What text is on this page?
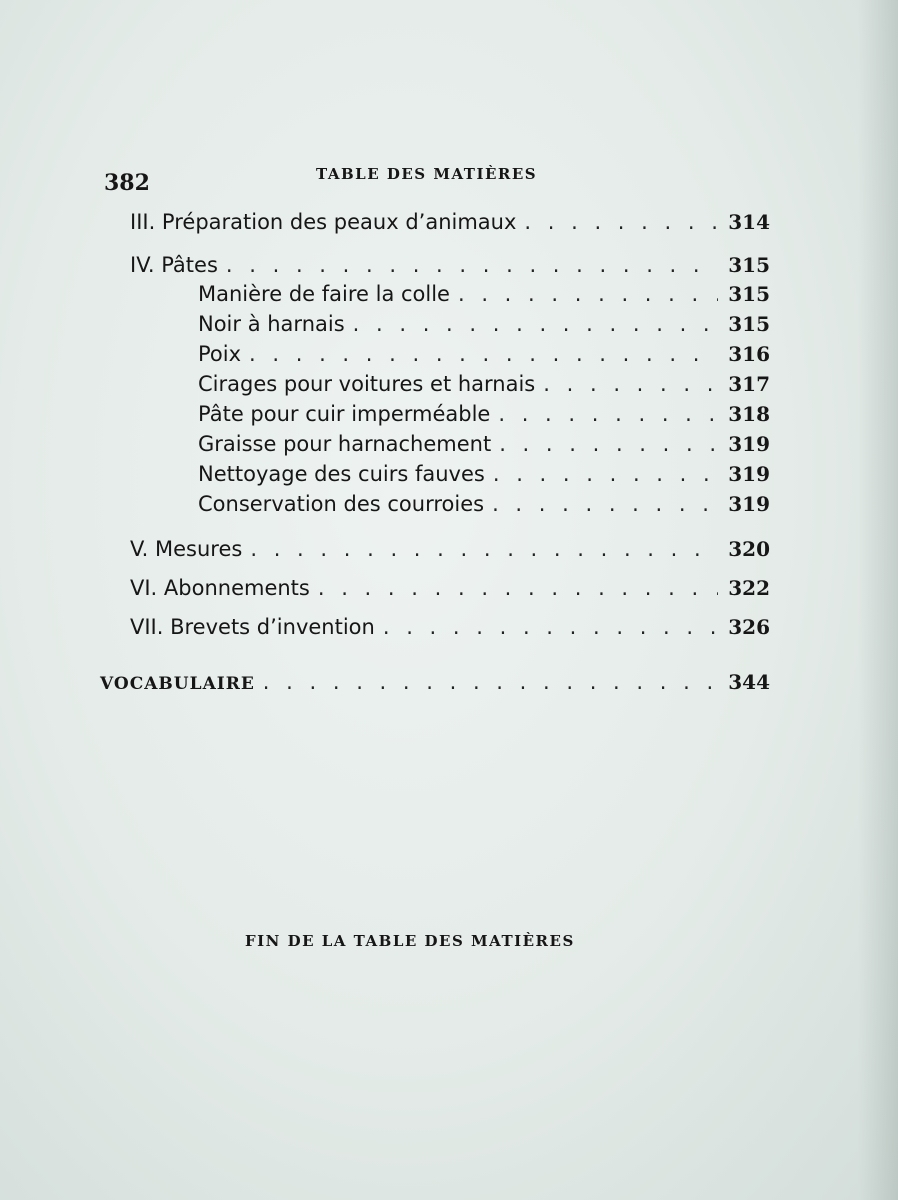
382	TABLE DES MATIÈRES
III. Préparation des peaux d’animaux . . .	314
IV. Pâtes . . .	315
Manière de faire la colle . . .	315
Noir à harnais . . .	315
Poix . . .	316
Cirages pour voitures et harnais . . .	317
Pâte pour cuir imperméable . . .	318
Graisse pour harnachement . . .	319
Nettoyage des cuirs fauves . . .	319
Conservation des courroies . . .	319
V. Mesures . . .	320
VI. Abonnements . . .	322
VII. Brevets d’invention . . .	326
VOCABULAIRE . . .	344
FIN DE LA TABLE DES MATIÈRES
